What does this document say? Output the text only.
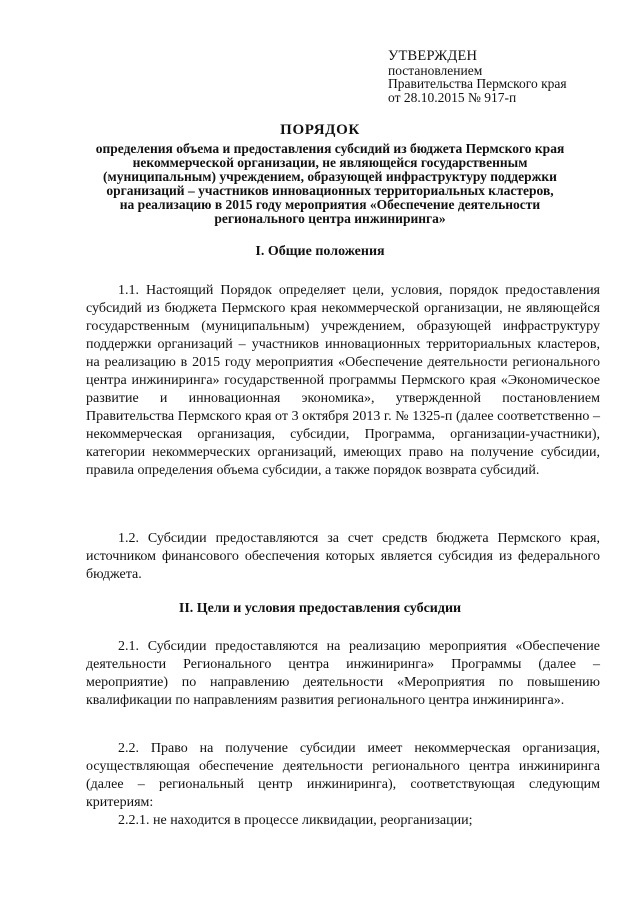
УТВЕРЖДЕН
постановлением
Правительства Пермского края
от 28.10.2015 № 917-п
ПОРЯДОК
определения объема и предоставления субсидий из бюджета Пермского края
некоммерческой организации, не являющейся государственным
(муниципальным) учреждением, образующей инфраструктуру поддержки
организаций – участников инновационных территориальных кластеров,
на реализацию в 2015 году мероприятия «Обеспечение деятельности
регионального центра инжиниринга»
I. Общие положения

1.1. Настоящий Порядок определяет цели, условия, порядок предоставления субсидий из бюджета Пермского края некоммерческой организации, не являющейся государственным (муниципальным) учреждением, образующей инфраструктуру поддержки организаций – участников инновационных территориальных кластеров, на реализацию в 2015 году мероприятия «Обеспечение деятельности регионального центра инжиниринга» государственной программы Пермского края «Экономическое развитие и инновационная экономика», утвержденной постановлением Правительства Пермского края от 3 октября 2013 г. № 1325-п (далее соответственно – некоммерческая организация, субсидии, Программа, организации-участники), категории некоммерческих организаций, имеющих право на получение субсидии, правила определения объема субсидии, а также порядок возврата субсидий.

1.2. Субсидии предоставляются за счет средств бюджета Пермского края, источником финансового обеспечения которых является субсидия из федерального бюджета.

II. Цели и условия предоставления субсидии

2.1. Субсидии предоставляются на реализацию мероприятия «Обеспечение деятельности Регионального центра инжиниринга» Программы (далее – мероприятие) по направлению деятельности «Мероприятия по повышению квалификации по направлениям развития регионального центра инжиниринга».

2.2. Право на получение субсидии имеет некоммерческая организация, осуществляющая обеспечение деятельности регионального центра инжиниринга (далее – региональный центр инжиниринга), соответствующая следующим критериям:

2.2.1. не находится в процессе ликвидации, реорганизации;
